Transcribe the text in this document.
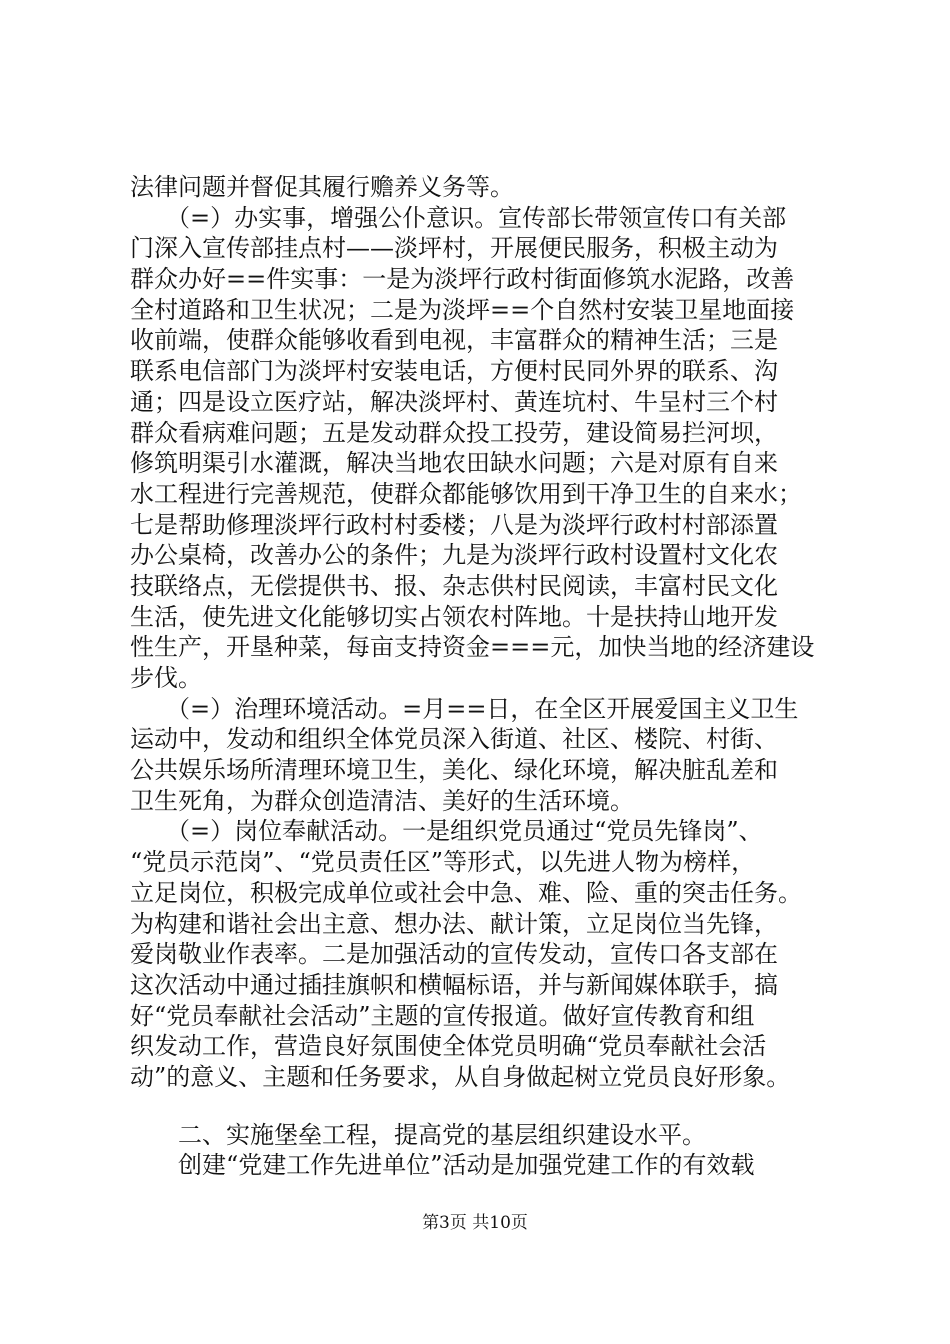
法律问题并督促其履行赡养义务等。
　　（=）办实事，增强公仆意识。宣传部长带领宣传口有关部
门深入宣传部挂点村——淡坪村，开展便民服务，积极主动为
群众办好==件实事：一是为淡坪行政村街面修筑水泥路，改善
全村道路和卫生状况；二是为淡坪==个自然村安装卫星地面接
收前端，使群众能够收看到电视，丰富群众的精神生活；三是
联系电信部门为淡坪村安装电话，方便村民同外界的联系、沟
通；四是设立医疗站，解决淡坪村、黄连坑村、牛呈村三个村
群众看病难问题；五是发动群众投工投劳，建设简易拦河坝，
修筑明渠引水灌溉，解决当地农田缺水问题；六是对原有自来
水工程进行完善规范，使群众都能够饮用到干净卫生的自来水；
七是帮助修理淡坪行政村村委楼；八是为淡坪行政村村部添置
办公桌椅，改善办公的条件；九是为淡坪行政村设置村文化农
技联络点，无偿提供书、报、杂志供村民阅读，丰富村民文化
生活，使先进文化能够切实占领农村阵地。十是扶持山地开发
性生产，开垦种菜，每亩支持资金===元，加快当地的经济建设
步伐。
　　（=）治理环境活动。=月==日，在全区开展爱国主义卫生
运动中，发动和组织全体党员深入街道、社区、楼院、村街、
公共娱乐场所清理环境卫生，美化、绿化环境，解决脏乱差和
卫生死角，为群众创造清洁、美好的生活环境。
　　（=）岗位奉献活动。一是组织党员通过“党员先锋岗”、
“党员示范岗”、“党员责任区”等形式，以先进人物为榜样，
立足岗位，积极完成单位或社会中急、难、险、重的突击任务。
为构建和谐社会出主意、想办法、献计策，立足岗位当先锋，
爱岗敬业作表率。二是加强活动的宣传发动，宣传口各支部在
这次活动中通过插挂旗帜和横幅标语，并与新闻媒体联手，搞
好“党员奉献社会活动”主题的宣传报道。做好宣传教育和组
织发动工作，营造良好氛围使全体党员明确“党员奉献社会活
动”的意义、主题和任务要求，从自身做起树立党员良好形象。
　　二、实施堡垒工程，提高党的基层组织建设水平。
　　创建“党建工作先进单位”活动是加强党建工作的有效载
第3页 共10页
